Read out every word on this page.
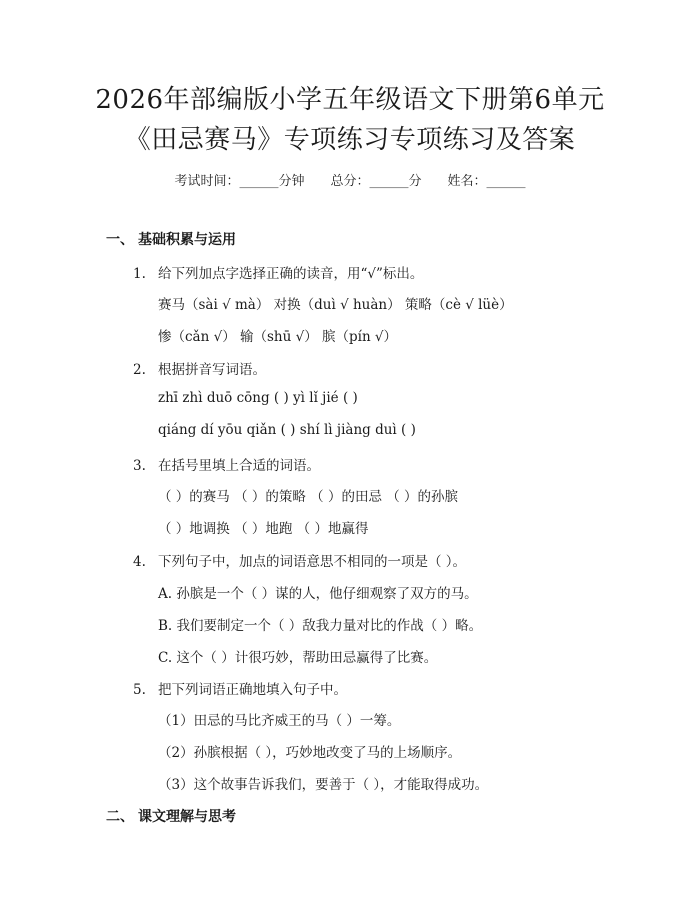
2026年部编版小学五年级语文下册第6单元
《田忌赛马》专项练习专项练习及答案
考试时间：______分钟 总分：______分 姓名：______
一、 基础积累与运用
1. 给下列加点字选择正确的读音，用“√”标出。
赛马（sài √ mà） 对换（duì √ huàn） 策略（cè √ lüè）
惨（cǎn √） 输（shū √） 膑（pín √）
2. 根据拼音写词语。
zhī zhì duō cōng ( ) yì lǐ jié ( )
qiáng dí yōu qiǎn ( ) shí lì jiàng duì ( )
3. 在括号里填上合适的词语。
（ ）的赛马 （ ）的策略 （ ）的田忌 （ ）的孙膑
（ ）地调换 （ ）地跑 （ ）地赢得
4. 下列句子中，加点的词语意思不相同的一项是（ ）。
A. 孙膑是一个（ ）谋的人，他仔细观察了双方的马。
B. 我们要制定一个（ ）敌我力量对比的作战（ ）略。
C. 这个（ ）计很巧妙，帮助田忌赢得了比赛。
5. 把下列词语正确地填入句子中。
（1）田忌的马比齐威王的马（ ）一筹。
（2）孙膑根据（ ），巧妙地改变了马的上场顺序。
（3）这个故事告诉我们，要善于（ ），才能取得成功。
二、 课文理解与思考
